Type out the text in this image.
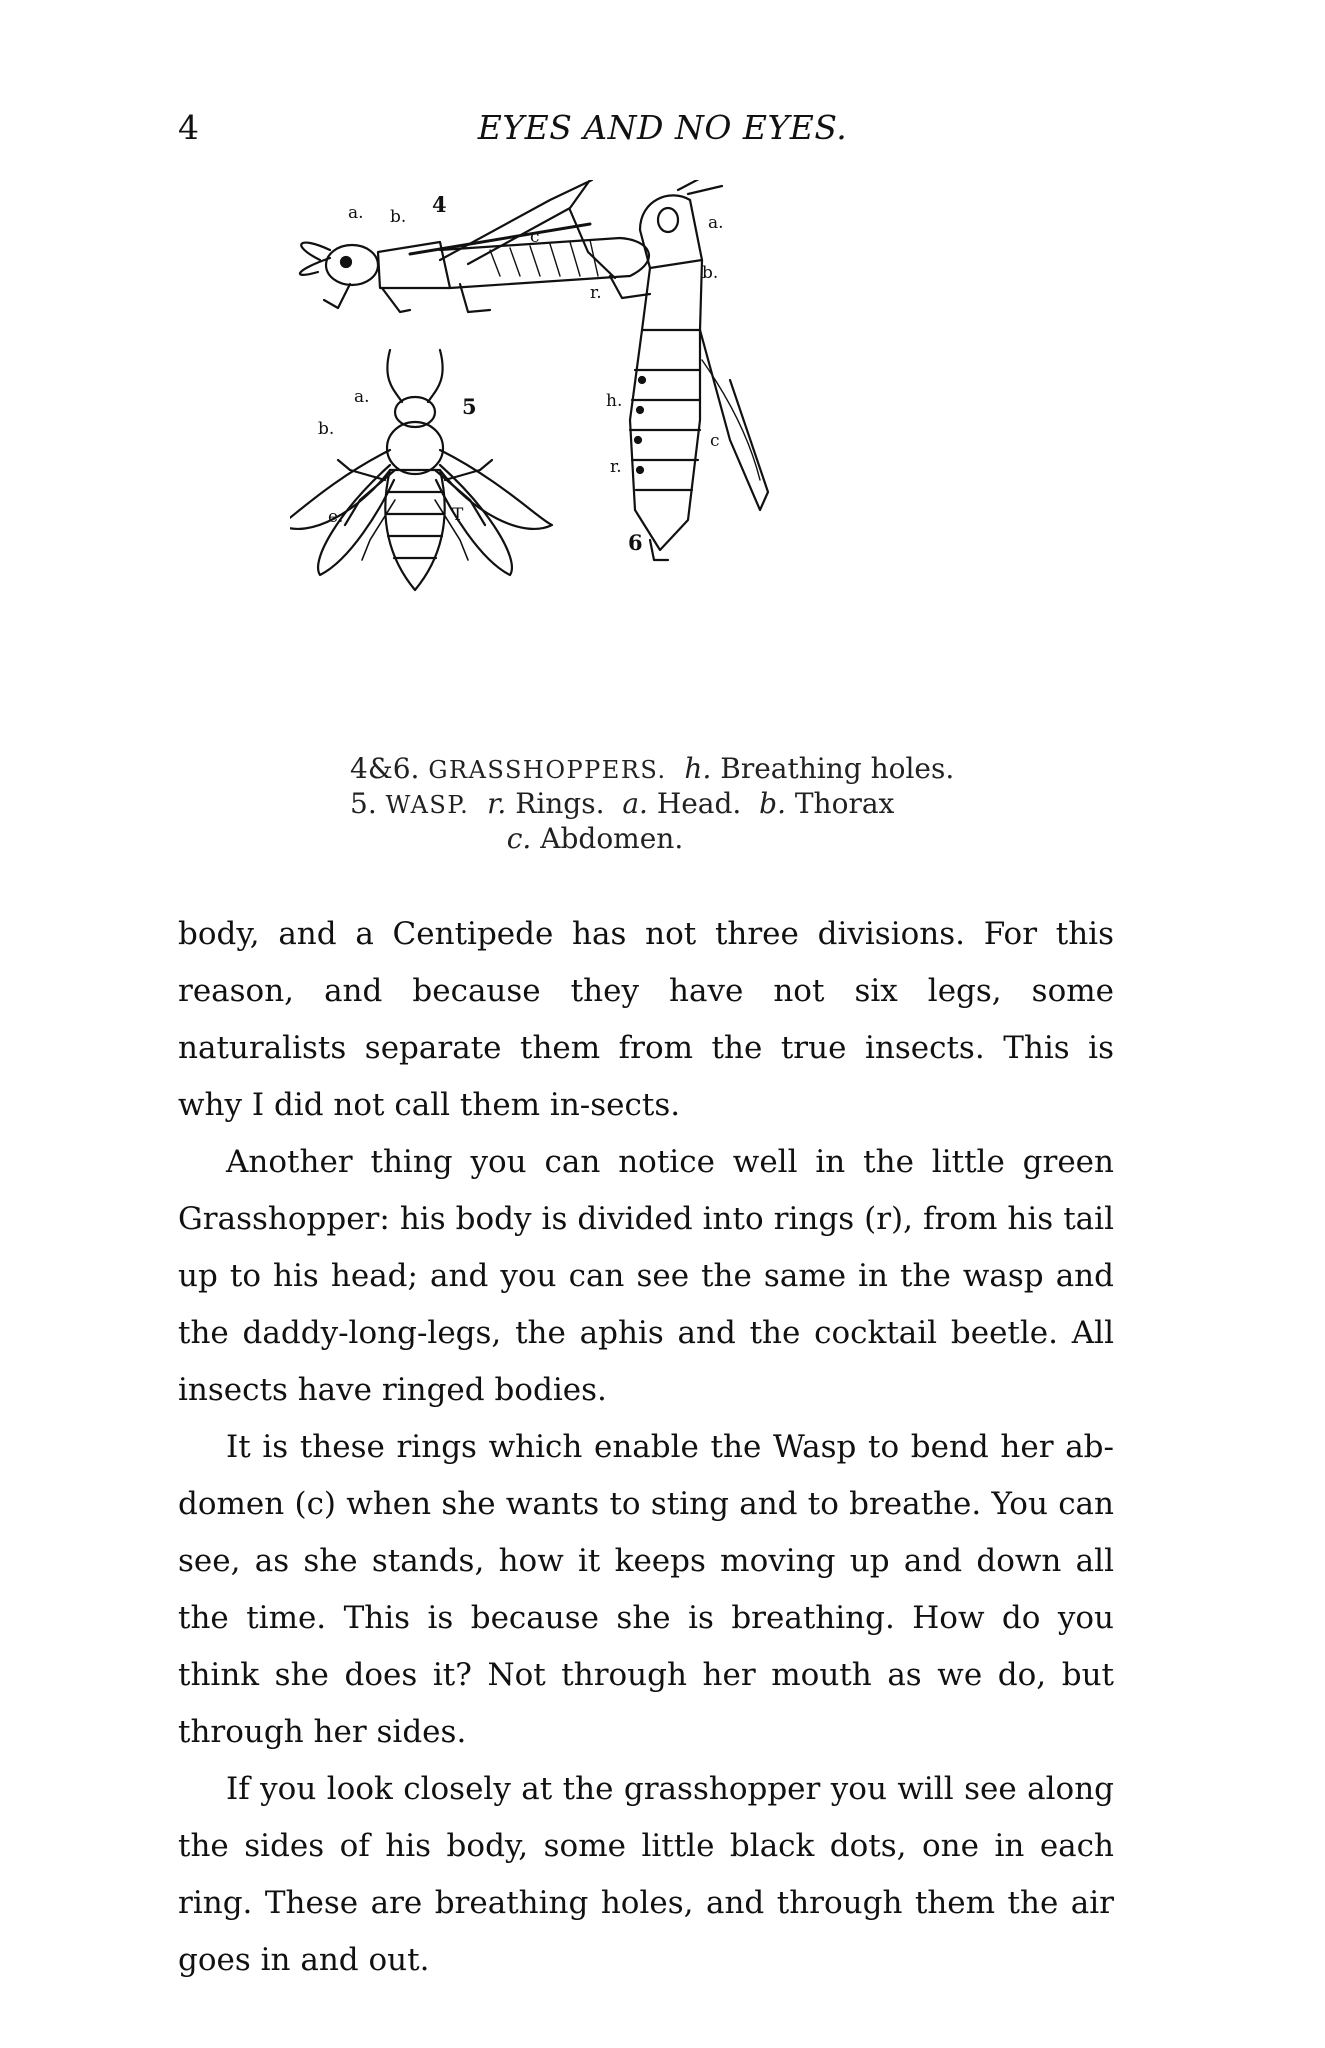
4	EYES AND NO EYES.
a. b. 4
c
r.
a.
b.
5
e.	T
a.
b.
h.
c
r.
6
4&6. GRASSHOPPERS. h. Breathing holes.
5. WASP. r. Rings. a. Head. b. Thorax
c. Abdomen.

body, and a Centipede has not three divisions. For this reason, and because they have not six legs, some naturalists separate them from the true insects. This is why I did not call them in-sects.

Another thing you can notice well in the little green Grasshopper: his body is divided into rings (r), from his tail up to his head; and you can see the same in the wasp and the daddy-long-legs, the aphis and the cocktail beetle. All insects have ringed bodies.

It is these rings which enable the Wasp to bend her ab-domen (c) when she wants to sting and to breathe. You can see, as she stands, how it keeps moving up and down all the time. This is because she is breathing. How do you think she does it? Not through her mouth as we do, but through her sides.

If you look closely at the grasshopper you will see along the sides of his body, some little black dots, one in each ring. These are breathing holes, and through them the air goes in and out.
